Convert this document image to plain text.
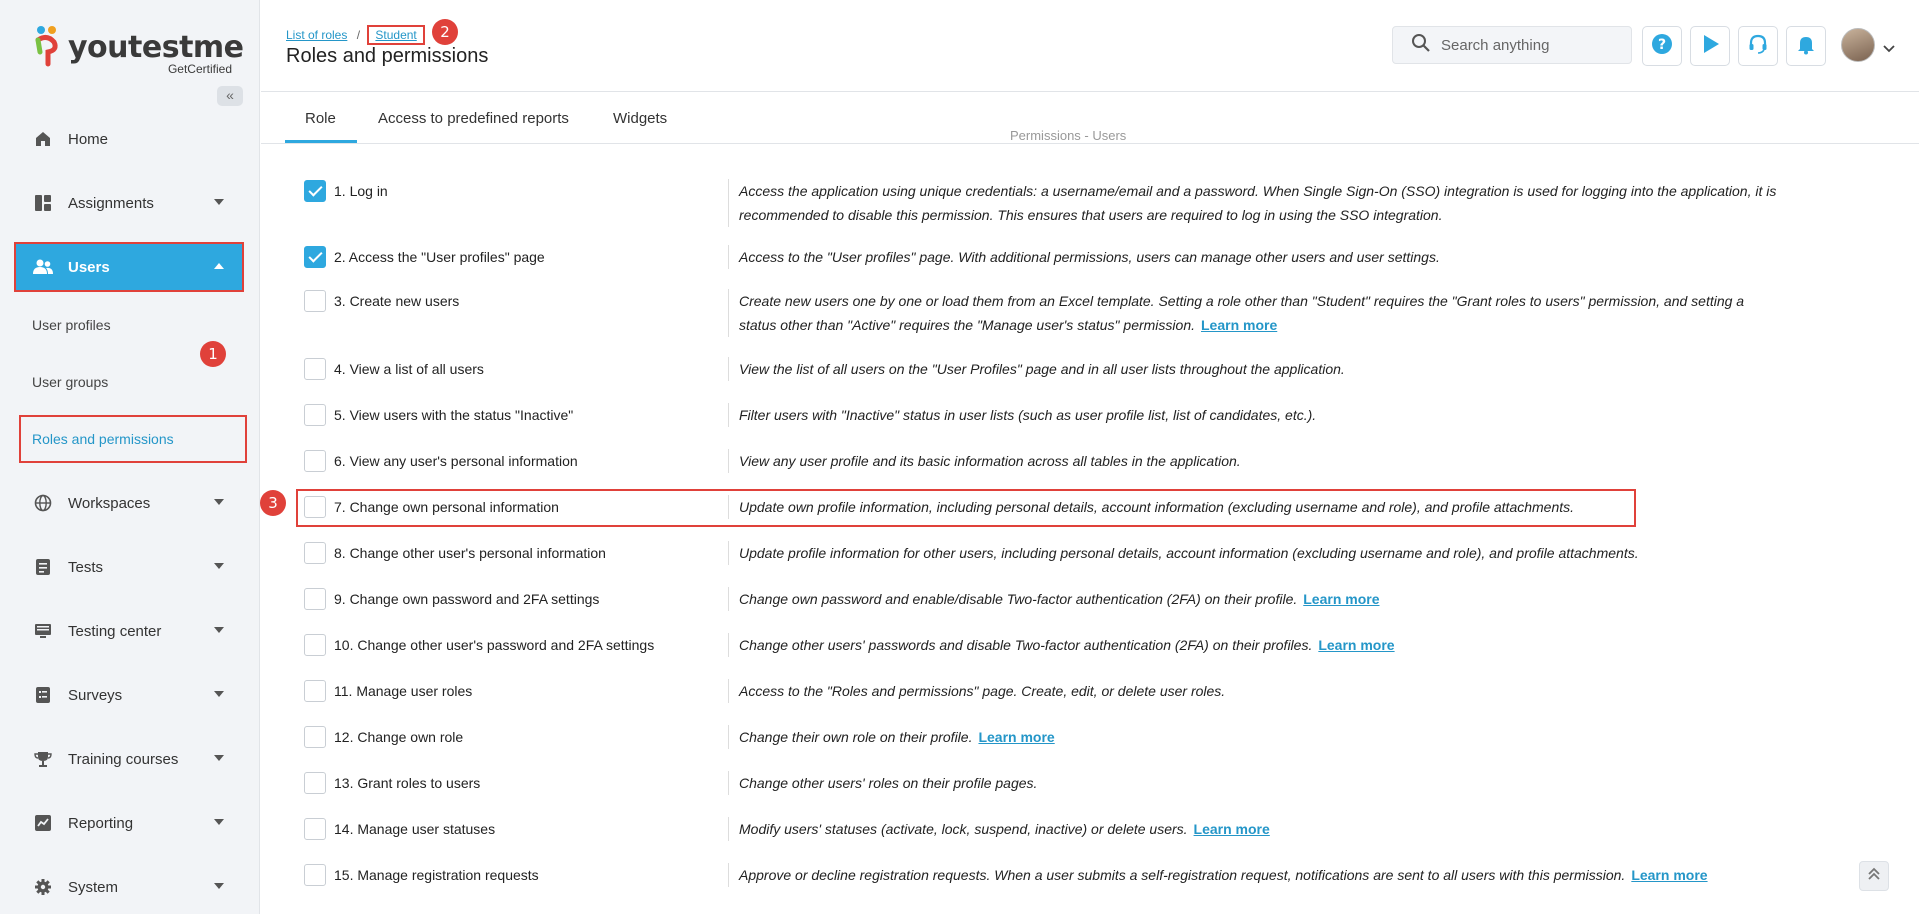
youtestme
GetCertified
«
Home
Assignments
Users
User profiles
User groups
Roles and permissions
Workspaces
Tests
Testing center
Surveys
Training courses
Reporting
System
1
List of roles / Student	2
Roles and permissions	Search anything	?
Role	Access to predefined reports	Widgets
Permissions - Users
1. Log in	Access the application using unique credentials: a username/email and a password. When Single Sign-On (SSO) integration is used for logging into the application, it is recommended to disable this permission. This ensures that users are required to log in using the SSO integration.
2. Access the "User profiles" page	Access to the "User profiles" page. With additional permissions, users can manage other users and user settings.
3. Create new users	Create new users one by one or load them from an Excel template. Setting a role other than "Student" requires the "Grant roles to users" permission, and setting a status other than "Active" requires the "Manage user's status" permission. Learn more
4. View a list of all users	View the list of all users on the "User Profiles" page and in all user lists throughout the application.
5. View users with the status "Inactive"	Filter users with "Inactive" status in user lists (such as user profile list, list of candidates, etc.).
6. View any user's personal information	View any user profile and its basic information across all tables in the application.
7. Change own personal information	Update own profile information, including personal details, account information (excluding username and role), and profile attachments.
8. Change other user's personal information	Update profile information for other users, including personal details, account information (excluding username and role), and profile attachments.
9. Change own password and 2FA settings	Change own password and enable/disable Two-factor authentication (2FA) on their profile. Learn more
10. Change other user's password and 2FA settings	Change other users' passwords and disable Two-factor authentication (2FA) on their profiles. Learn more
11. Manage user roles	Access to the "Roles and permissions" page. Create, edit, or delete user roles.
12. Change own role	Change their own role on their profile. Learn more
13. Grant roles to users	Change other users' roles on their profile pages.
14. Manage user statuses	Modify users' statuses (activate, lock, suspend, inactive) or delete users. Learn more
15. Manage registration requests	Approve or decline registration requests. When a user submits a self-registration request, notifications are sent to all users with this permission. Learn more
3
